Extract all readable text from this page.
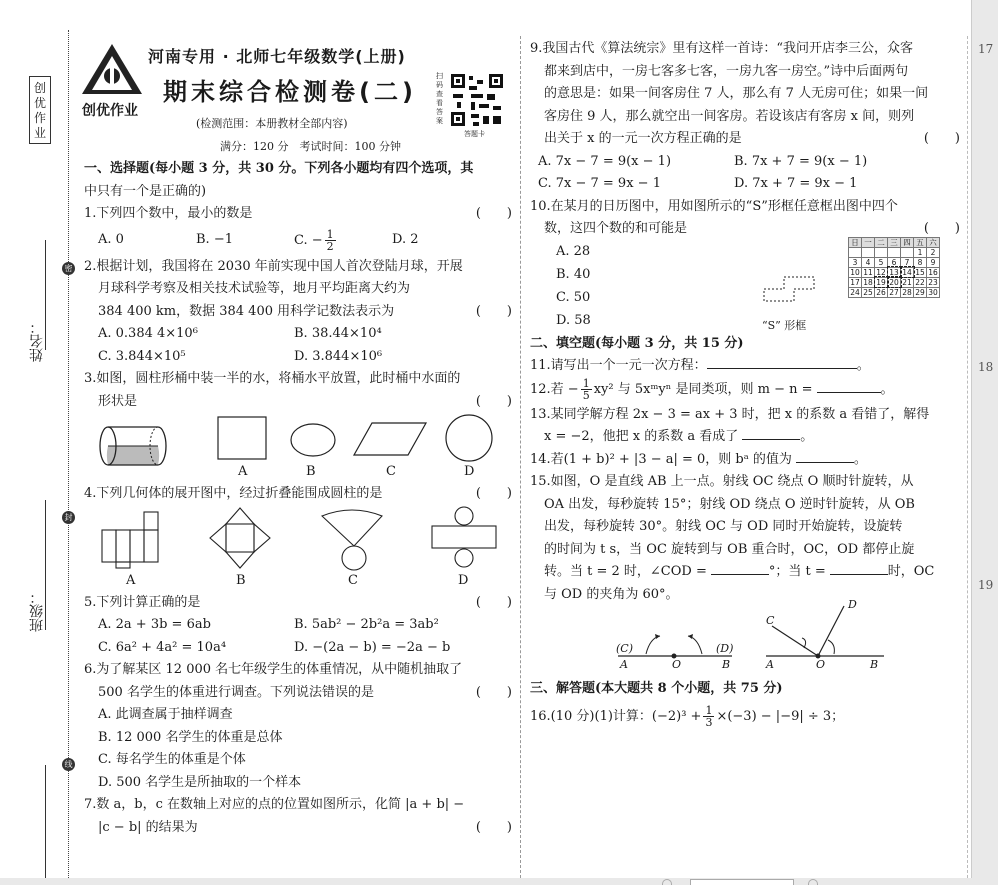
创优作业
姓名：
班级：
密
封
线
创优作业
河南专用 · 北师七年级数学(上册)
期末综合检测卷(二)
(检测范围：本册教材全部内容)
满分：120 分　考试时间：100 分钟
扫码查看答案
答题卡
一、选择题(每小题 3 分，共 30 分。下列各小题均有四个选项，其
中只有一个是正确的)
1.下列四个数中，最小的数是	(　　)
A. 0	B. −1	C. − $\frac{1}{2}$	D. 2
2.根据计划，我国将在 2030 年前实现中国人首次登陆月球，开展
月球科学考察及相关技术试验等，地月平均距离大约为
384 400 km，数据 384 400 用科学记数法表示为	(　　)
A. 0.384 4×10⁶	B. 38.44×10⁴
C. 3.844×10⁵	D. 3.844×10⁶
3.如图，圆柱形桶中装一半的水，将桶水平放置，此时桶中水面的
形状是	(　　)
A	B	C	D
4.下列几何体的展开图中，经过折叠能围成圆柱的是	(　　)
A	B	C	D
5.下列计算正确的是	(　　)
A. 2a + 3b = 6ab	B. 5ab² − 2b²a = 3ab²
C. 6a² + 4a² = 10a⁴	D. −(2a − b) = −2a − b
6.为了解某区 12 000 名七年级学生的体重情况，从中随机抽取了
500 名学生的体重进行调查。下列说法错误的是	(　　)
A. 此调查属于抽样调查
B. 12 000 名学生的体重是总体
C. 每名学生的体重是个体
D. 500 名学生是所抽取的一个样本
7.数 a，b，c 在数轴上对应的点的位置如图所示，化简 |a + b| −
|c − b| 的结果为	(　　)
9.我国古代《算法统宗》里有这样一首诗：“我问开店李三公，众客
都来到店中，一房七客多七客，一房九客一房空。”诗中后面两句
的意思是：如果一间客房住 7 人，那么有 7 人无房可住；如果一间
客房住 9 人，那么就空出一间客房。若设该店有客房 x 间，则列
出关于 x 的一元一次方程正确的是	(　　)
A. 7x − 7 = 9(x − 1)	B. 7x + 7 = 9(x − 1)
C. 7x − 7 = 9x − 1	D. 7x + 7 = 9x − 1
10.在某月的日历图中，用如图所示的“S”形框任意框出图中四个
数，这四个数的和可能是	(　　)
A. 28
B. 40
C. 50
D. 58	“S” 形框
日	一	二	三	四	五	六
					1	2
3	4	5	6	7	8	9
10	11	12	13	14	15	16
17	18	19	20	21	22	23
24	25	26	27	28	29	30
二、填空题(每小题 3 分，共 15 分)
11.请写出一个一元一次方程：	。
12.若 − $\frac{1}{5} xy^2$ 与 5xᵐyⁿ 是同类项，则 m − n =	。
13.某同学解方程 2x − 3 = ax + 3 时，把 x 的系数 a 看错了，解得
x = −2，他把 x 的系数 a 看成了	。
14.若(1 + b)² + |3 − a| = 0，则 bᵃ 的值为	。
15.如图，O 是直线 AB 上一点。射线 OC 绕点 O 顺时针旋转，从
OA 出发，每秒旋转 15°；射线 OD 绕点 O 逆时针旋转，从 OB
出发，每秒旋转 30°。射线 OC 与 OD 同时开始旋转，设旋转
的时间为 t s，当 OC 旋转到与 OB 重合时，OC，OD 都停止旋
转。当 t = 2 时，∠COD =	°；当 t =	时，OC
与 OD 的夹角为 60°。
(C)	(D)
A	O	B
C
D
A	O	B
三、解答题(本大题共 8 个小题，共 75 分)
16.(10 分)(1)计算：$(-2)^3 + \frac{1}{3} \times(-3) - |-9| \div 3$；
17
18
19
